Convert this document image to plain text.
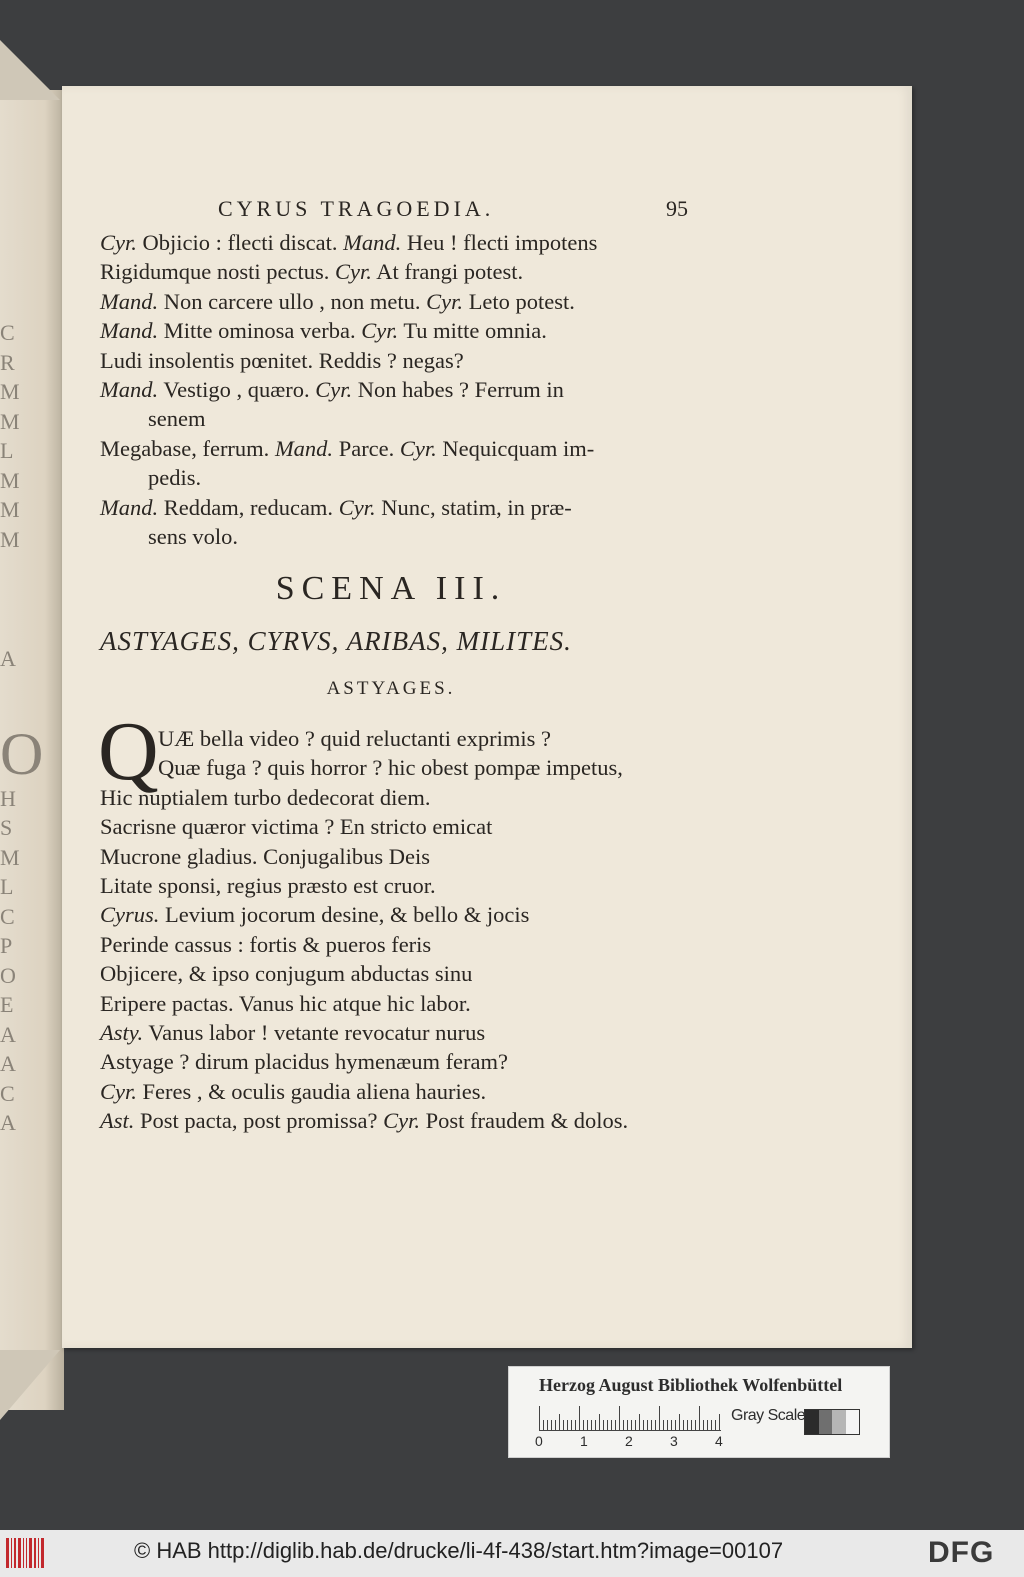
C
R
M
M
L
M
M
M
A
O
H
S
M
L
C
P
O
E
A
A
C
A
CYRUS TRAGOEDIA.	95
Cyr. Objicio : flecti discat. Mand. Heu ! flecti impotens
Rigidumque nosti pectus. Cyr. At frangi potest.
Mand. Non carcere ullo , non metu. Cyr. Leto potest.
Mand. Mitte ominosa verba. Cyr. Tu mitte omnia.
Ludi insolentis pœnitet. Reddis ? negas?
Mand. Vestigo , quæro. Cyr. Non habes ? Ferrum in
senem
Megabase, ferrum. Mand. Parce. Cyr. Nequicquam im-
pedis.
Mand. Reddam, reducam. Cyr. Nunc, statim, in præ-
sens volo.
SCENA III.
ASTYAGES, CYRVS, ARIBAS, MILITES.
ASTYAGES.
Q UÆ bella video ? quid reluctanti exprimis ?
Quæ fuga ? quis horror ? hic obest pompæ impetus,
Hic nuptialem turbo dedecorat diem.
Sacrisne quæror victima ? En stricto emicat
Mucrone gladius. Conjugalibus Deis
Litate sponsi, regius præsto est cruor.
Cyrus. Levium jocorum desine, & bello & jocis
Perinde cassus : fortis & pueros feris
Objicere, & ipso conjugum abductas sinu
Eripere pactas. Vanus hic atque hic labor.
Asty. Vanus labor ! vetante revocatur nurus
Astyage ? dirum placidus hymenæum feram?
Cyr. Feres , & oculis gaudia aliena hauries.
Ast. Post pacta, post promissa? Cyr. Post fraudem & dolos.
Herzog August Bibliothek Wolfenbüttel
0	1	2	3	4
Gray Scale
© HAB http://diglib.hab.de/drucke/li-4f-438/start.htm?image=00107	DFG
